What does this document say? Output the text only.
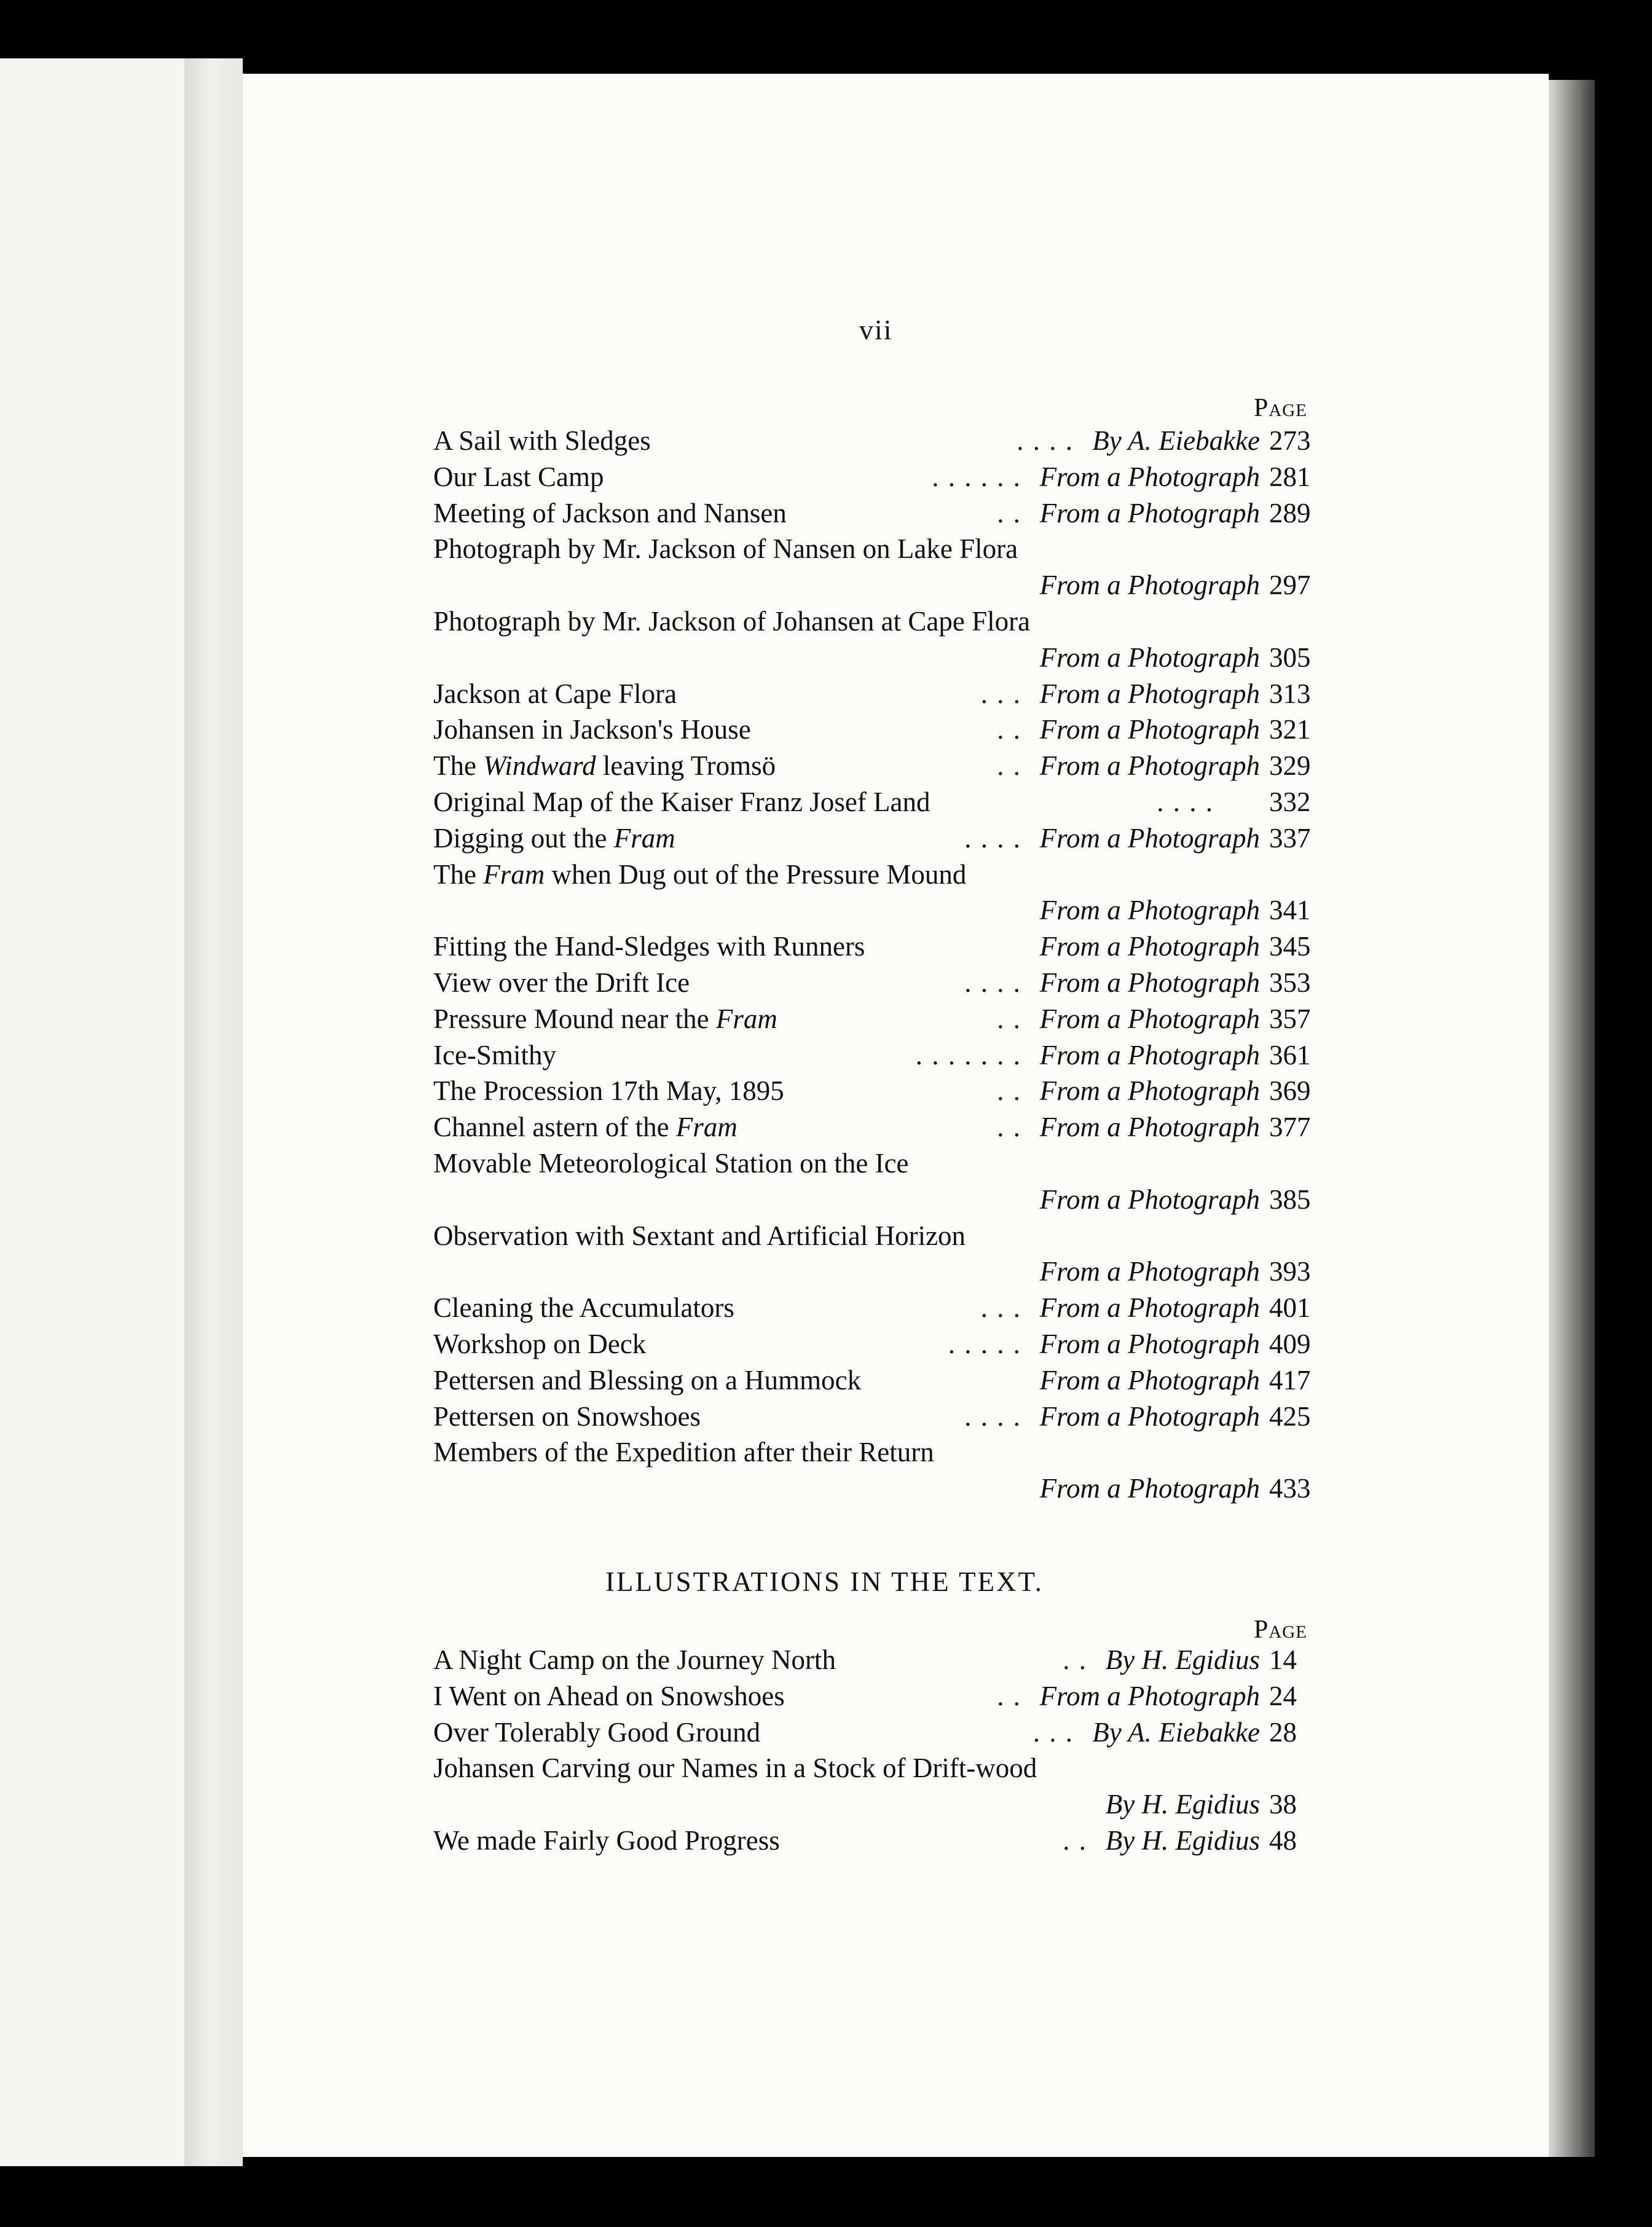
vii
Page
A Sail with Sledges	. . . . By A. Eiebakke 273
Our Last Camp	. . . . . . From a Photograph 281
Meeting of Jackson and Nansen	. . From a Photograph 289
Photograph by Mr. Jackson of Nansen on Lake Flora
From a Photograph 297
Photograph by Mr. Jackson of Johansen at Cape Flora
From a Photograph 305
Jackson at Cape Flora	. . . From a Photograph 313
Johansen in Jackson's House	. . From a Photograph 321
The Windward leaving Tromsö	. . From a Photograph 329
Original Map of the Kaiser Franz Josef Land	. . . . 332
Digging out the Fram	. . . . From a Photograph 337
The Fram when Dug out of the Pressure Mound
From a Photograph 341
Fitting the Hand-Sledges with Runners	From a Photograph 345
View over the Drift Ice	. . . . From a Photograph 353
Pressure Mound near the Fram	. . From a Photograph 357
Ice-Smithy	. . . . . . . From a Photograph 361
The Procession 17th May, 1895	. . From a Photograph 369
Channel astern of the Fram	. . From a Photograph 377
Movable Meteorological Station on the Ice
From a Photograph 385
Observation with Sextant and Artificial Horizon
From a Photograph 393
Cleaning the Accumulators	. . . From a Photograph 401
Workshop on Deck	. . . . . From a Photograph 409
Pettersen and Blessing on a Hummock	From a Photograph 417
Pettersen on Snowshoes	. . . . From a Photograph 425
Members of the Expedition after their Return
From a Photograph 433
ILLUSTRATIONS IN THE TEXT.
Page
A Night Camp on the Journey North	. . By H. Egidius 14
I Went on Ahead on Snowshoes	. . From a Photograph 24
Over Tolerably Good Ground	. . . By A. Eiebakke 28
Johansen Carving our Names in a Stock of Drift-wood
By H. Egidius 38
We made Fairly Good Progress	. . By H. Egidius 48
